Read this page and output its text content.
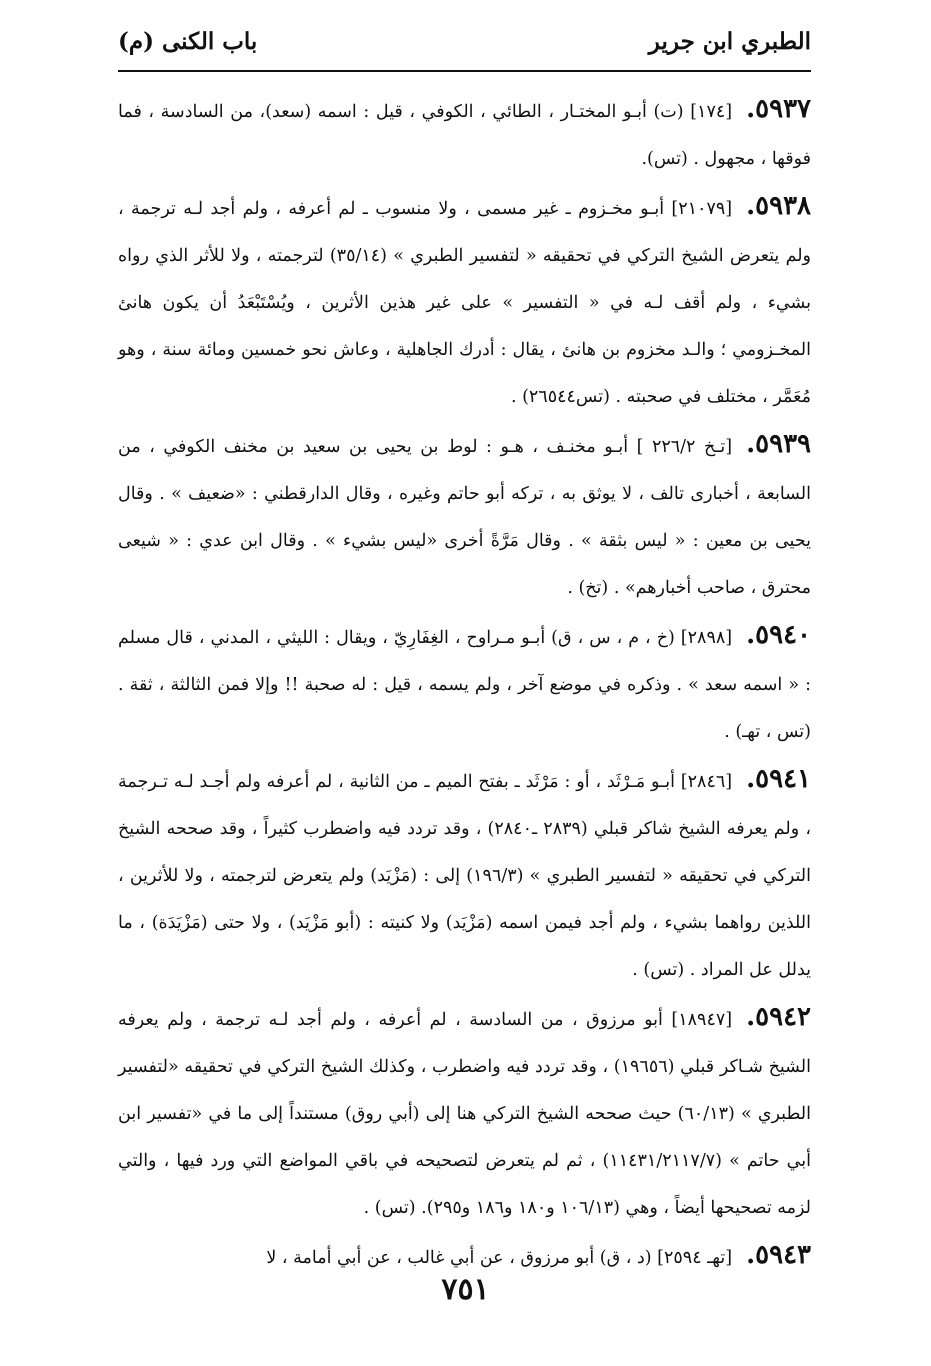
الطبري ابن جرير
باب الكنى (م)

٥٩٣٧.[١٧٤] (ت) أبـو المختـار ، الطائي ، الكوفي ، قيل : اسمه (سعد)، من السادسة ، فما فوقها ، مجهول . (تس).

٥٩٣٨.[٢١٠٧٩] أبـو مخـزوم ـ غير مسمى ، ولا منسوب ـ لم أعرفه ، ولم أجد لـه ترجمة ، ولم يتعرض الشيخ التركي في تحقيقه « لتفسير الطبري » (٣٥/١٤) لترجمته ، ولا للأثر الذي رواه بشيء ، ولم أقف لـه في « التفسير » على غير هذين الأثرين ، ويُسْتَبْعَدُ أن يكون هانئ المخـزومي ؛ والـد مخزوم بن هانئ ، يقال : أدرك الجاهلية ، وعاش نحو خمسين ومائة سنة ، وهو مُعَمَّر ، مختلف في صحبته . (تس٢٦٥٤٤) .

٥٩٣٩.[تـخ ٢٢٦/٢ ] أبـو مخنـف ، هـو : لوط بن يحيى بن سعيد بن مخنف الكوفي ، من السابعة ، أخبارى تالف ، لا يوثق به ، تركه أبو حاتم وغيره ، وقال الدارقطني : «ضعيف » . وقال يحيى بن معين : « ليس بثقة » . وقال مَرَّةً أخرى «ليس بشيء » . وقال ابن عدي : « شيعى محترق ، صاحب أخبارهم» . (تخ) .

٥٩٤٠.[٢٨٩٨] (خ ، م ، س ، ق) أبـو مـراوح ، الغِفَارِيّ ، ويقال : الليثي ، المدني ، قال مسلم : « اسمه سعد » . وذكره في موضع آخر ، ولم يسمه ، قيل : له صحبة !! وإلا فمن الثالثة ، ثقة . (تس ، تهـ) .

٥٩٤١.[٢٨٤٦] أبـو مَـرْثَد ، أو : مَرْثَد ـ بفتح الميم ـ من الثانية ، لم أعرفه ولم أجـد لـه تـرجمة ، ولم يعرفه الشيخ شاكر قبلي (٢٨٣٩ ـ٢٨٤٠) ، وقد تردد فيه واضطرب كثيراً ، وقد صححه الشيخ التركي في تحقيقه « لتفسير الطبري » (١٩٦/٣) إلى : (مَزْيَد) ولم يتعرض لترجمته ، ولا للأثرين ، اللذين رواهما بشيء ، ولم أجد فيمن اسمه (مَزْيَد) ولا كنيته : (أبو مَزْيَد) ، ولا حتى (مَزْيَدَة) ، ما يدلل عل المراد . (تس) .

٥٩٤٢.[١٨٩٤٧] أبو مرزوق ، من السادسة ، لم أعرفه ، ولم أجد لـه ترجمة ، ولم يعرفه الشيخ شـاكر قبلي (١٩٦٥٦) ، وقد تردد فيه واضطرب ، وكذلك الشيخ التركي في تحقيقه «لتفسير الطبري » (٦٠/١٣) حيث صححه الشيخ التركي هنا إلى (أبي روق) مستنداً إلى ما في «تفسير ابن أبي حاتم » (١١٤٣١/٢١١٧/٧) ، ثم لم يتعرض لتصحيحه في باقي المواضع التي ورد فيها ، والتي لزمه تصحيحها أيضاً ، وهي (١٠٦/١٣ و١٨٠ و١٨٦ و٢٩٥). (تس) .

٥٩٤٣.[تهـ ٢٥٩٤] (د ، ق) أبو مرزوق ، عن أبي غالب ، عن أبي أمامة ، لا

٧٥١
